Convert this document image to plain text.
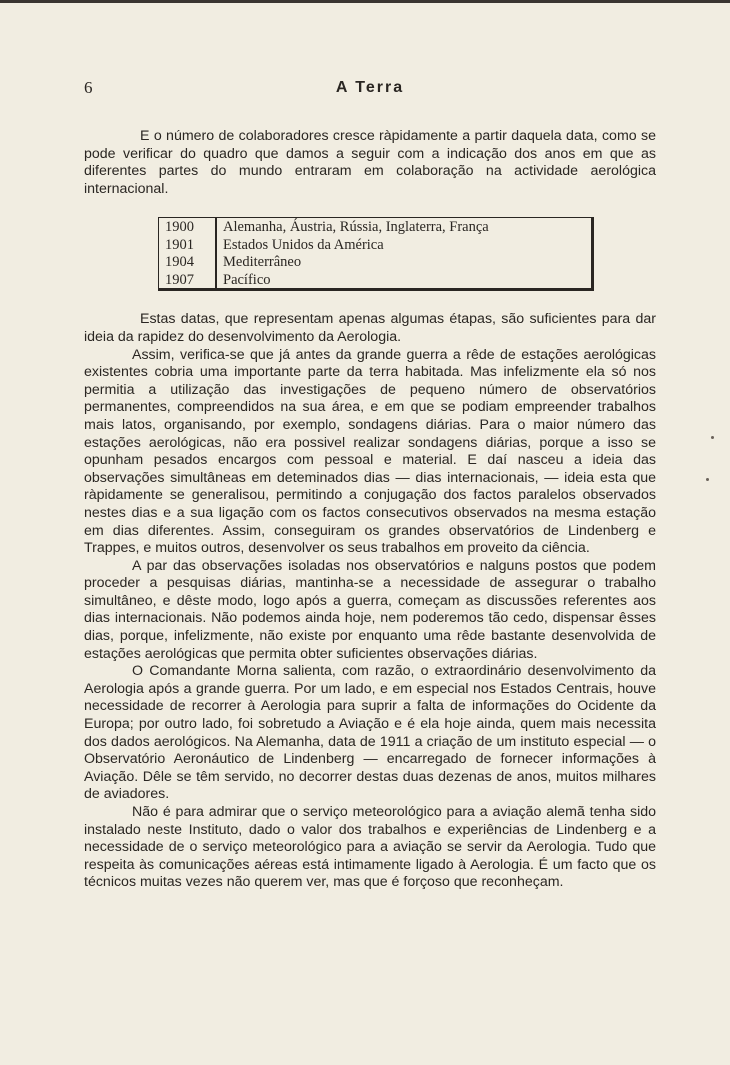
6	A Terra

E o número de colaboradores cresce ràpidamente a partir daquela data, como se pode verificar do quadro que damos a seguir com a indicação dos anos em que as diferentes partes do mundo entraram em colaboração na actividade aerológica internacional.

1900	Alemanha, Áustria, Rússia, Inglaterra, França
1901	Estados Unidos da América
1904	Mediterrâneo
1907	Pacífico

Estas datas, que representam apenas algumas étapas, são suficientes para dar ideia da rapidez do desenvolvimento da Aerologia.

Assim, verifica-se que já antes da grande guerra a rêde de estações aerológicas existentes cobria uma importante parte da terra habitada. Mas infelizmente ela só nos permitia a utilização das investigações de pequeno número de observatórios permanentes, compreendidos na sua área, e em que se podiam empreender trabalhos mais latos, organisando, por exemplo, sondagens diárias. Para o maior número das estações aerológicas, não era possivel realizar sondagens diárias, porque a isso se opunham pesados encargos com pessoal e material. E daí nasceu a ideia das observações simultâneas em deteminados dias — dias internacionais, — ideia esta que ràpidamente se generalisou, permitindo a conjugação dos factos paralelos observados nestes dias e a sua ligação com os factos consecutivos observados na mesma estação em dias diferentes. Assim, conseguiram os grandes observatórios de Lindenberg e Trappes, e muitos outros, desenvolver os seus trabalhos em proveito da ciência.

A par das observações isoladas nos observatórios e nalguns postos que podem proceder a pesquisas diárias, mantinha-se a necessidade de assegurar o trabalho simultâneo, e dêste modo, logo após a guerra, começam as discussões referentes aos dias internacionais. Não podemos ainda hoje, nem poderemos tão cedo, dispensar êsses dias, porque, infelizmente, não existe por enquanto uma rêde bastante desenvolvida de estações aerológicas que permita obter suficientes observações diárias.

O Comandante Morna salienta, com razão, o extraordinário desenvolvimento da Aerologia após a grande guerra. Por um lado, e em especial nos Estados Centrais, houve necessidade de recorrer à Aerologia para suprir a falta de informações do Ocidente da Europa; por outro lado, foi sobretudo a Aviação e é ela hoje ainda, quem mais necessita dos dados aerológicos. Na Alemanha, data de 1911 a criação de um instituto especial — o Observatório Aeronáutico de Lindenberg — encarregado de fornecer informações à Aviação. Dêle se têm servido, no decorrer destas duas dezenas de anos, muitos milhares de aviadores.

Não é para admirar que o serviço meteorológico para a aviação alemã tenha sido instalado neste Instituto, dado o valor dos trabalhos e experiências de Lindenberg e a necessidade de o serviço meteorológico para a aviação se servir da Aerologia. Tudo que respeita às comunicações aéreas está intimamente ligado à Aerologia. É um facto que os técnicos muitas vezes não querem ver, mas que é forçoso que reconheçam.
